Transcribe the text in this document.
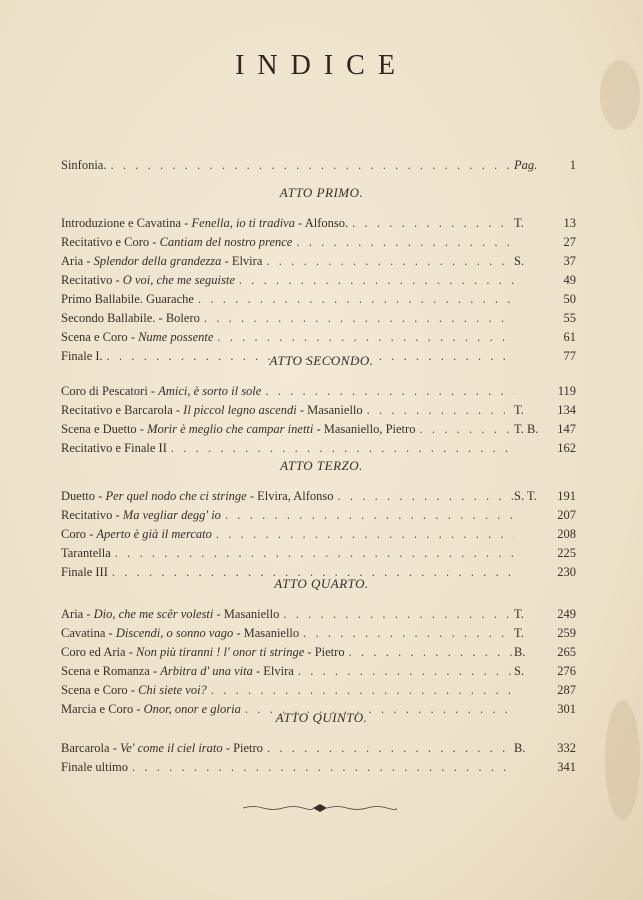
INDICE
Sinfonia. . .	Pag.	1
ATTO PRIMO.
Introduzione e Cavatina - Fenella, io ti tradiva - Alfonso. . .	T.	13
Recitativo e Coro - Cantiam del nostro prence . .	27
Aria - Splendor della grandezza - Elvira . .	S.	37
Recitativo - O voi, che me seguiste . .	49
Primo Ballabile. Guarache . .	50
Secondo Ballabile. - Bolero . .	55
Scena e Coro - Nume possente . .	61
Finale I. . .	77
ATTO SECONDO.
Coro di Pescatori - Amici, è sorto il sole . .	119
Recitativo e Barcarola - Il piccol legno ascendi - Masaniello . .	T.	134
Scena e Duetto - Morir è meglio che campar inetti - Masaniello, Pietro . .	T. B.	147
Recitativo e Finale II . .	162
ATTO TERZO.
Duetto - Per quel nodo che ci stringe - Elvira, Alfonso . .	S. T.	191
Recitativo - Ma vegliar degg' io . .	207
Coro - Aperto è già il mercato . .	208
Tarantella . .	225
Finale III . .	230
ATTO QUARTO.
Aria - Dio, che me scêr volesti - Masaniello . .	T.	249
Cavatina - Discendi, o sonno vago - Masaniello . .	T.	259
Coro ed Aria - Non più tiranni ! l' onor ti stringe - Pietro . .	B.	265
Scena e Romanza - Arbitra d' una vita - Elvira . .	S.	276
Scena e Coro - Chi siete voi? . .	287
Marcia e Coro - Onor, onor e gloria . .	301
ATTO QUINTO.
Barcarola - Ve' come il ciel irato - Pietro . .	B.	332
Finale ultimo . .	341
